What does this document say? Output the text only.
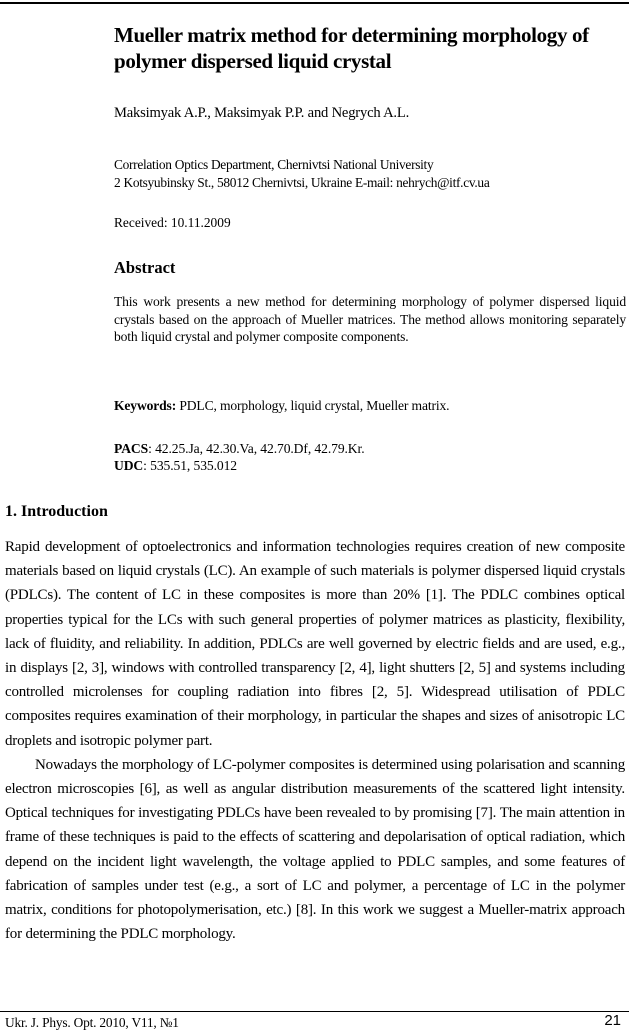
Mueller matrix method for determining morphology of polymer dispersed liquid crystal
Maksimyak A.P., Maksimyak P.P. and Negrych A.L.
Correlation Optics Department, Chernivtsi National University
2 Kotsyubinsky St., 58012 Chernivtsi, Ukraine E-mail: nehrych@itf.cv.ua
Received: 10.11.2009
Abstract

This work presents a new method for determining morphology of polymer dispersed liquid crystals based on the approach of Mueller matrices. The method allows monitoring separately both liquid crystal and polymer composite components.

Keywords: PDLC, morphology, liquid crystal, Mueller matrix.
PACS: 42.25.Ja, 42.30.Va, 42.70.Df, 42.79.Kr.
UDC: 535.51, 535.012
1. Introduction

Rapid development of optoelectronics and information technologies requires creation of new composite materials based on liquid crystals (LC). An example of such materials is polymer dispersed liquid crystals (PDLCs). The content of LC in these composites is more than 20% [1]. The PDLC combines optical properties typical for the LCs with such general properties of polymer matrices as plasticity, flexibility, lack of fluidity, and reliability. In addition, PDLCs are well governed by electric fields and are used, e.g., in displays [2, 3], windows with controlled transparency [2, 4], light shutters [2, 5] and systems including controlled microlenses for coupling radiation into fibres [2, 5]. Widespread utilisation of PDLC composites requires examination of their morphology, in particular the shapes and sizes of anisotropic LC droplets and isotropic polymer part.

Nowadays the morphology of LC-polymer composites is determined using polarisation and scanning electron microscopies [6], as well as angular distribution measurements of the scattered light intensity. Optical techniques for investigating PDLCs have been revealed to by promising [7]. The main attention in frame of these techniques is paid to the effects of scattering and depolarisation of optical radiation, which depend on the incident light wavelength, the voltage applied to PDLC samples, and some features of fabrication of samples under test (e.g., a sort of LC and polymer, a percentage of LC in the polymer matrix, conditions for photopolymerisation, etc.) [8]. In this work we suggest a Mueller-matrix approach for determining the PDLC morphology.

Ukr. J. Phys. Opt. 2010, V11, №1	21
